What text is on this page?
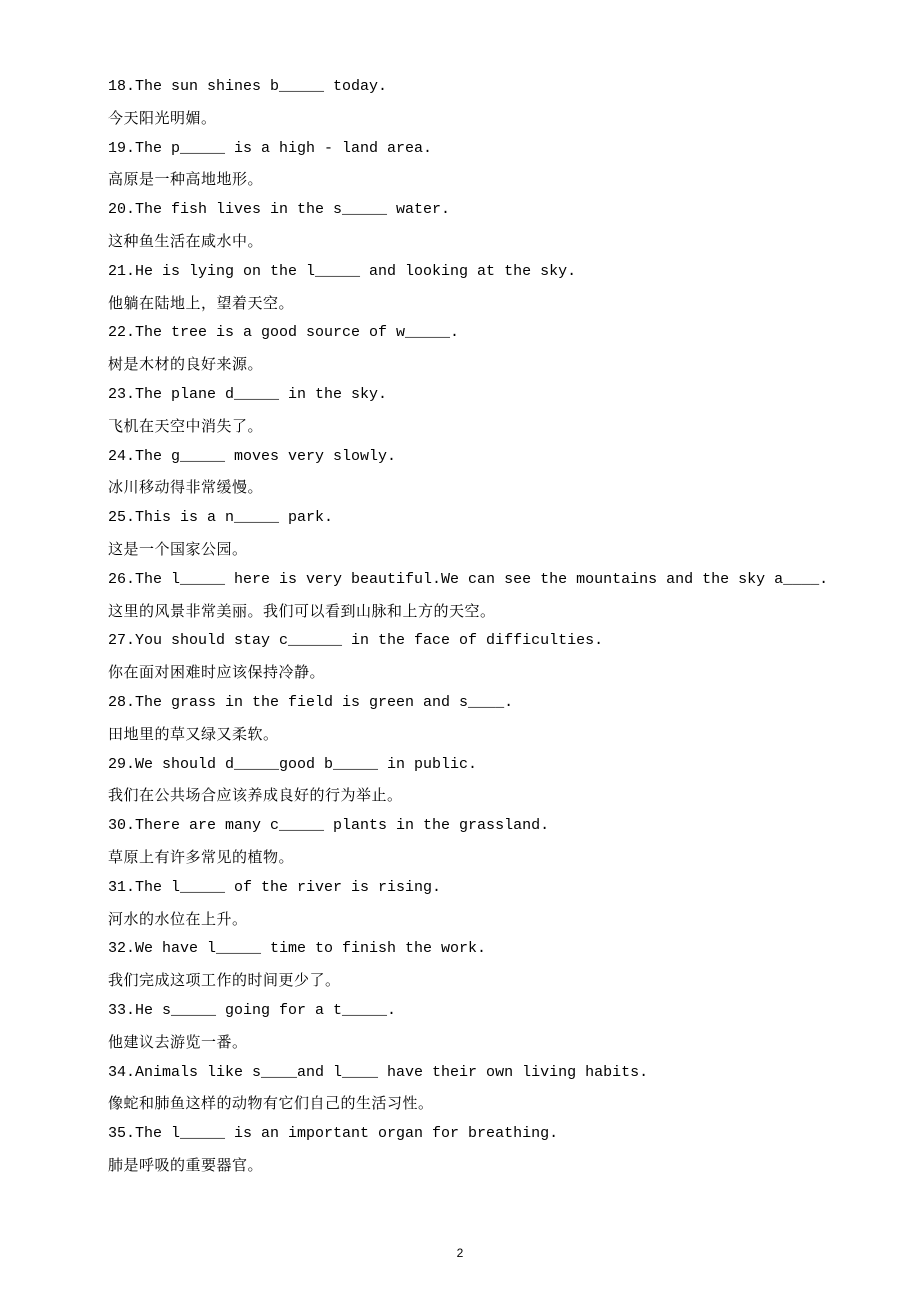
18.The sun shines b_____ today.
今天阳光明媚。
19.The p_____ is a high - land area.
高原是一种高地地形。
20.The fish lives in the s_____ water.
这种鱼生活在咸水中。
21.He is lying on the l_____ and looking at the sky.
他躺在陆地上，望着天空。
22.The tree is a good source of w_____.
树是木材的良好来源。
23.The plane d_____ in the sky.
飞机在天空中消失了。
24.The g_____ moves very slowly.
冰川移动得非常缓慢。
25.This is a n_____ park.
这是一个国家公园。
26.The l_____ here is very beautiful.We can see the mountains and the sky a____.
这里的风景非常美丽。我们可以看到山脉和上方的天空。
27.You should stay c______ in the face of difficulties.
你在面对困难时应该保持冷静。
28.The grass in the field is green and s____.
田地里的草又绿又柔软。
29.We should d_____good b_____ in public.
我们在公共场合应该养成良好的行为举止。
30.There are many c_____ plants in the grassland.
草原上有许多常见的植物。
31.The l_____ of the river is rising.
河水的水位在上升。
32.We have l_____ time to finish the work.
我们完成这项工作的时间更少了。
33.He s_____ going for a t_____.
他建议去游览一番。
34.Animals like s____and l____ have their own living habits.
像蛇和肺鱼这样的动物有它们自己的生活习性。
35.The l_____ is an important organ for breathing.
肺是呼吸的重要器官。
2
